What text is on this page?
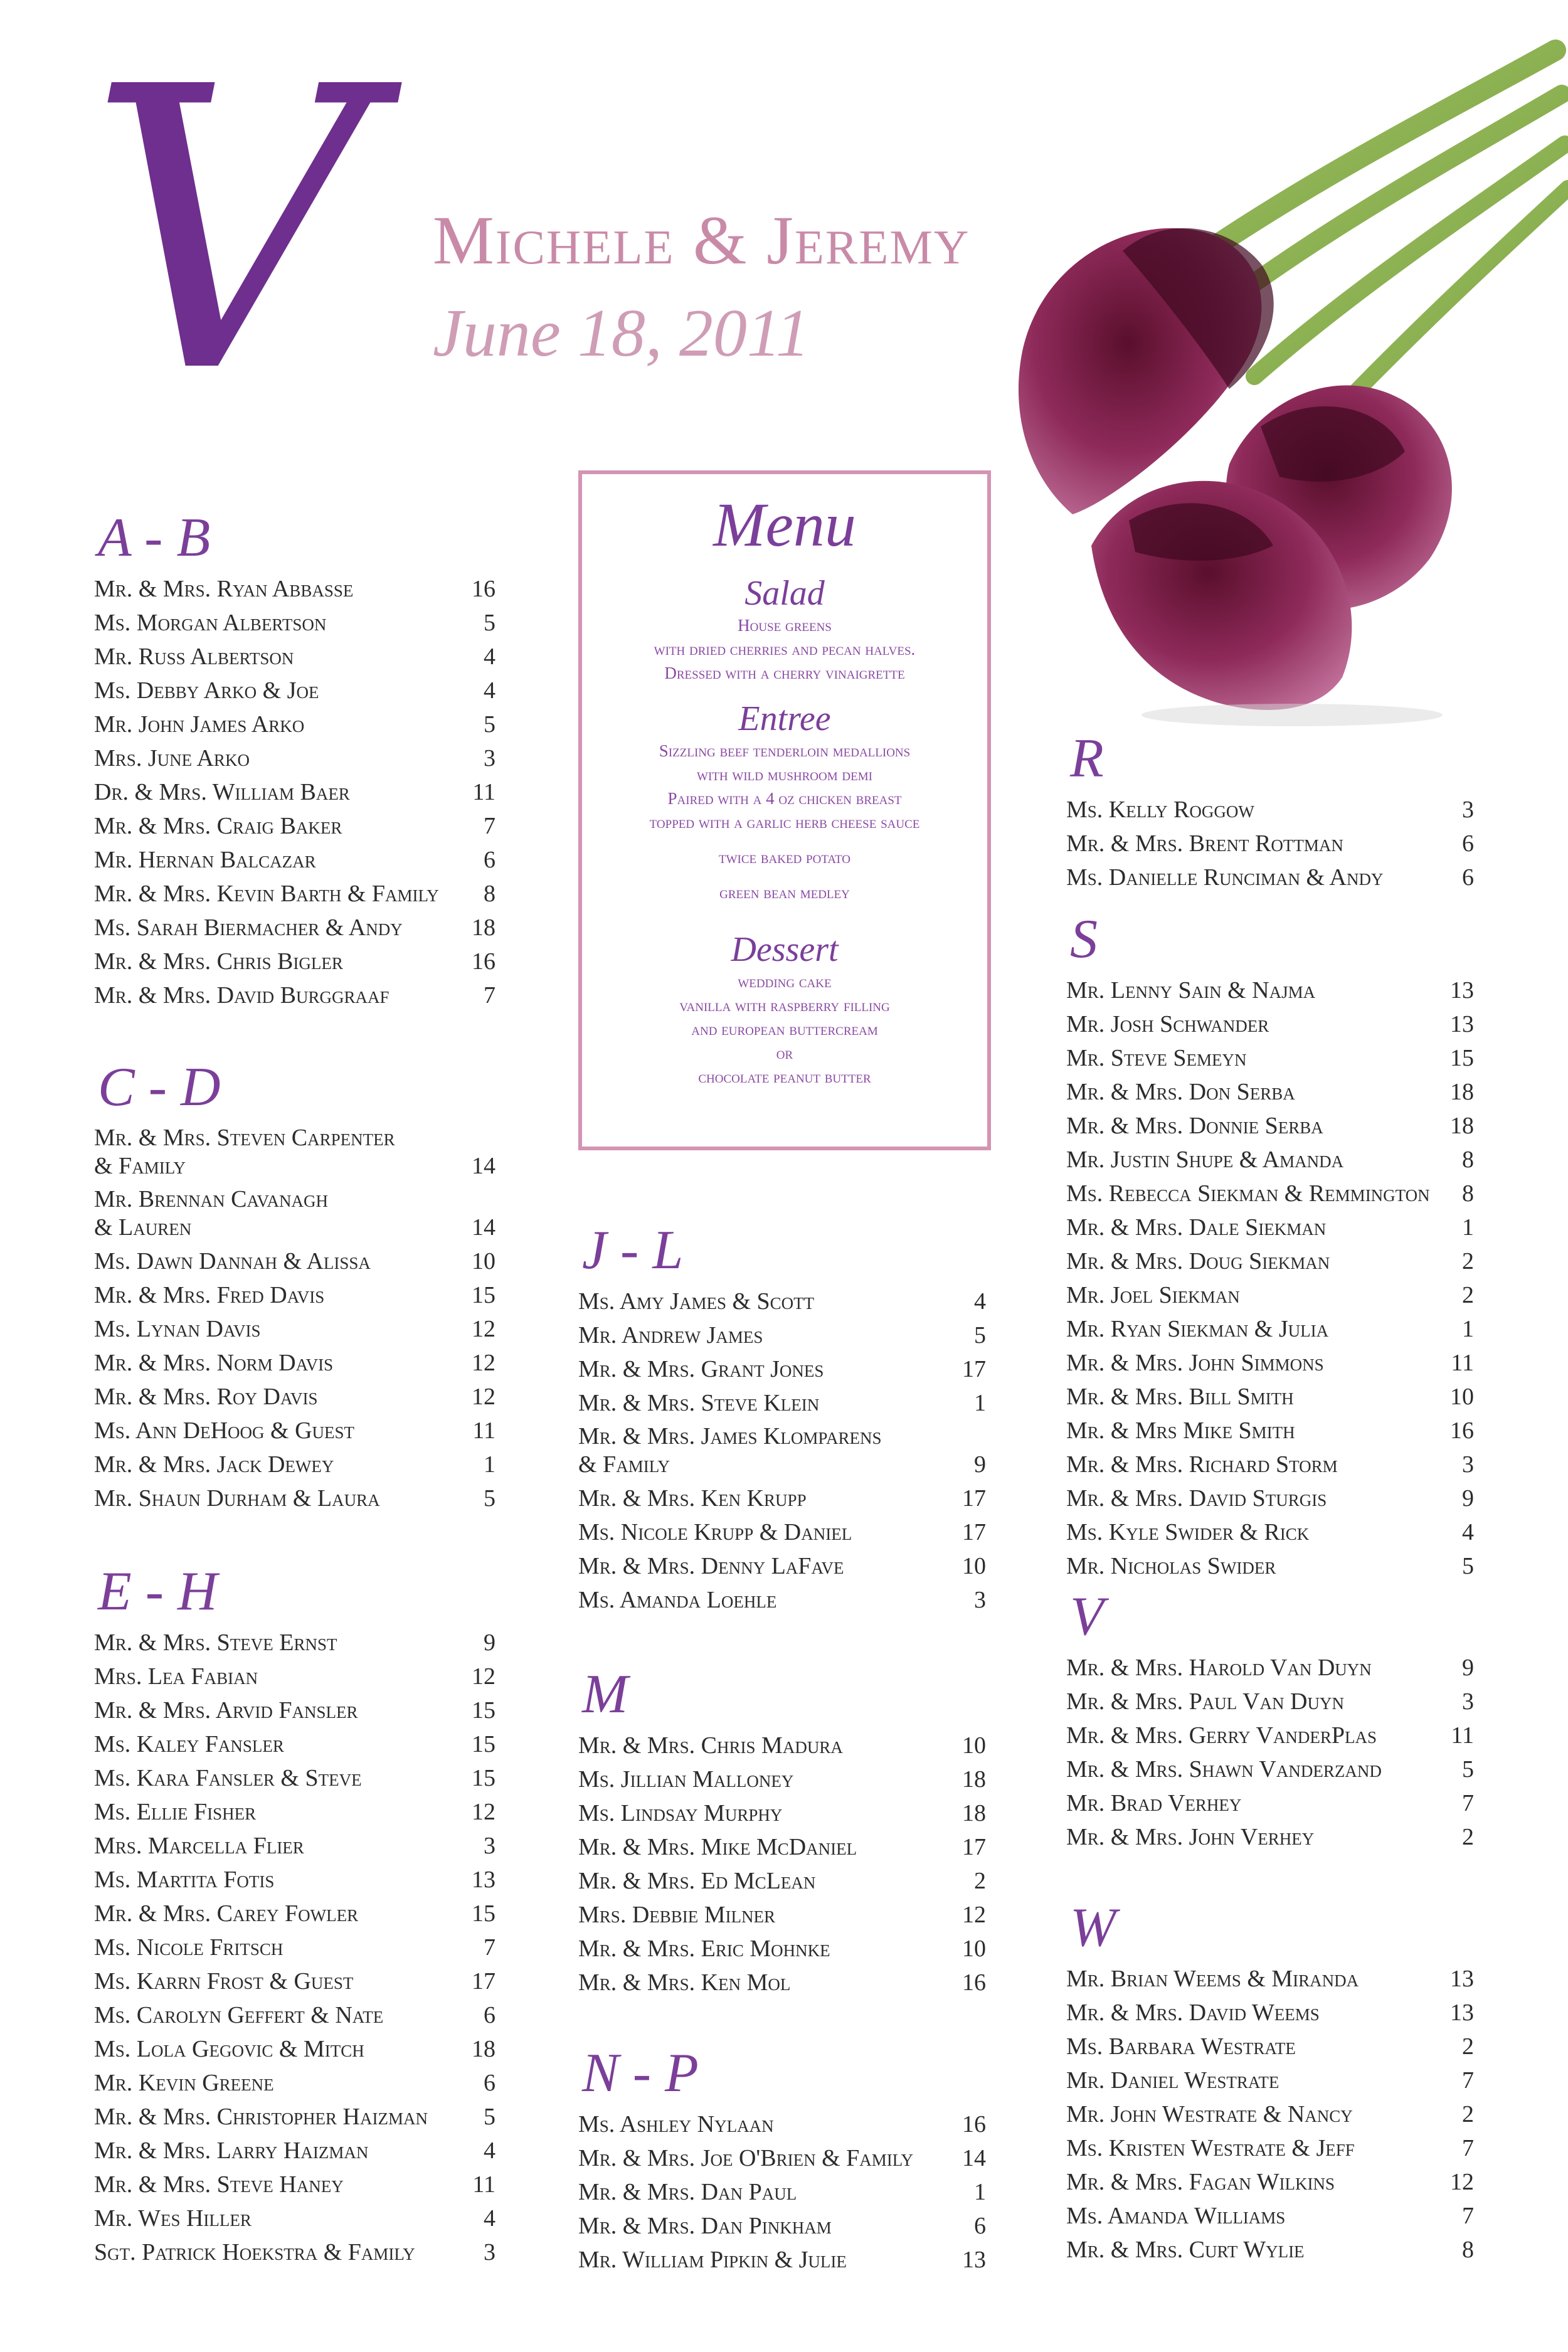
V Michele & Jeremy
June 18, 2011
A - B
Mr. & Mrs. Ryan Abbasse	16
Ms. Morgan Albertson	5
Mr. Russ Albertson	4
Ms. Debby Arko & Joe	4
Mr. John James Arko	5
Mrs. June Arko	3
Dr. & Mrs. William Baer	11
Mr. & Mrs. Craig Baker	7
Mr. Hernan Balcazar	6
Mr. & Mrs. Kevin Barth & Family	8
Ms. Sarah Biermacher & Andy	18
Mr. & Mrs. Chris Bigler	16
Mr. & Mrs. David Burggraaf	7
C - D
Mr. & Mrs. Steven Carpenter
& Family	14
Mr. Brennan Cavanagh
& Lauren	14
Ms. Dawn Dannah & Alissa	10
Mr. & Mrs. Fred Davis	15
Ms. Lynan Davis	12
Mr. & Mrs. Norm Davis	12
Mr. & Mrs. Roy Davis	12
Ms. Ann DeHoog & Guest	11
Mr. & Mrs. Jack Dewey	1
Mr. Shaun Durham & Laura	5
E - H
Mr. & Mrs. Steve Ernst	9
Mrs. Lea Fabian	12
Mr. & Mrs. Arvid Fansler	15
Ms. Kaley Fansler	15
Ms. Kara Fansler & Steve	15
Ms. Ellie Fisher	12
Mrs. Marcella Flier	3
Ms. Martita Fotis	13
Mr. & Mrs. Carey Fowler	15
Ms. Nicole Fritsch	7
Ms. Karrn Frost & Guest	17
Ms. Carolyn Geffert & Nate	6
Ms. Lola Gegovic & Mitch	18
Mr. Kevin Greene	6
Mr. & Mrs. Christopher Haizman	5
Mr. & Mrs. Larry Haizman	4
Mr. & Mrs. Steve Haney	11
Mr. Wes Hiller	4
Sgt. Patrick Hoekstra & Family	3
Menu
Salad
House greens
with dried cherries and pecan halves.
Dressed with a cherry vinaigrette
Entree
Sizzling beef tenderloin medallions
with wild mushroom demi
Paired with a 4 oz chicken breast
topped with a garlic herb cheese sauce
twice baked potato
green bean medley
Dessert
wedding cake
vanilla with raspberry filling
and european buttercream
or
chocolate peanut butter
J - L
Ms. Amy James & Scott	4
Mr. Andrew James	5
Mr. & Mrs. Grant Jones	17
Mr. & Mrs. Steve Klein	1
Mr. & Mrs. James Klomparens
& Family	9
Mr. & Mrs. Ken Krupp	17
Ms. Nicole Krupp & Daniel	17
Mr. & Mrs. Denny LaFave	10
Ms. Amanda Loehle	3
M
Mr. & Mrs. Chris Madura	10
Ms. Jillian Malloney	18
Ms. Lindsay Murphy	18
Mr. & Mrs. Mike McDaniel	17
Mr. & Mrs. Ed McLean	2
Mrs. Debbie Milner	12
Mr. & Mrs. Eric Mohnke	10
Mr. & Mrs. Ken Mol	16
N - P
Ms. Ashley Nylaan	16
Mr. & Mrs. Joe O'Brien & Family	14
Mr. & Mrs. Dan Paul	1
Mr. & Mrs. Dan Pinkham	6
Mr. William Pipkin & Julie	13
R
Ms. Kelly Roggow	3
Mr. & Mrs. Brent Rottman	6
Ms. Danielle Runciman & Andy	6
S
Mr. Lenny Sain & Najma	13
Mr. Josh Schwander	13
Mr. Steve Semeyn	15
Mr. & Mrs. Don Serba	18
Mr. & Mrs. Donnie Serba	18
Mr. Justin Shupe & Amanda	8
Ms. Rebecca Siekman & Remmington	8
Mr. & Mrs. Dale Siekman	1
Mr. & Mrs. Doug Siekman	2
Mr. Joel Siekman	2
Mr. Ryan Siekman & Julia	1
Mr. & Mrs. John Simmons	11
Mr. & Mrs. Bill Smith	10
Mr. & Mrs Mike Smith	16
Mr. & Mrs. Richard Storm	3
Mr. & Mrs. David Sturgis	9
Ms. Kyle Swider & Rick	4
Mr. Nicholas Swider	5
V
Mr. & Mrs. Harold Van Duyn	9
Mr. & Mrs. Paul Van Duyn	3
Mr. & Mrs. Gerry VanderPlas	11
Mr. & Mrs. Shawn Vanderzand	5
Mr. Brad Verhey	7
Mr. & Mrs. John Verhey	2
W
Mr. Brian Weems & Miranda	13
Mr. & Mrs. David Weems	13
Ms. Barbara Westrate	2
Mr. Daniel Westrate	7
Mr. John Westrate & Nancy	2
Ms. Kristen Westrate & Jeff	7
Mr. & Mrs. Fagan Wilkins	12
Ms. Amanda Williams	7
Mr. & Mrs. Curt Wylie	8
